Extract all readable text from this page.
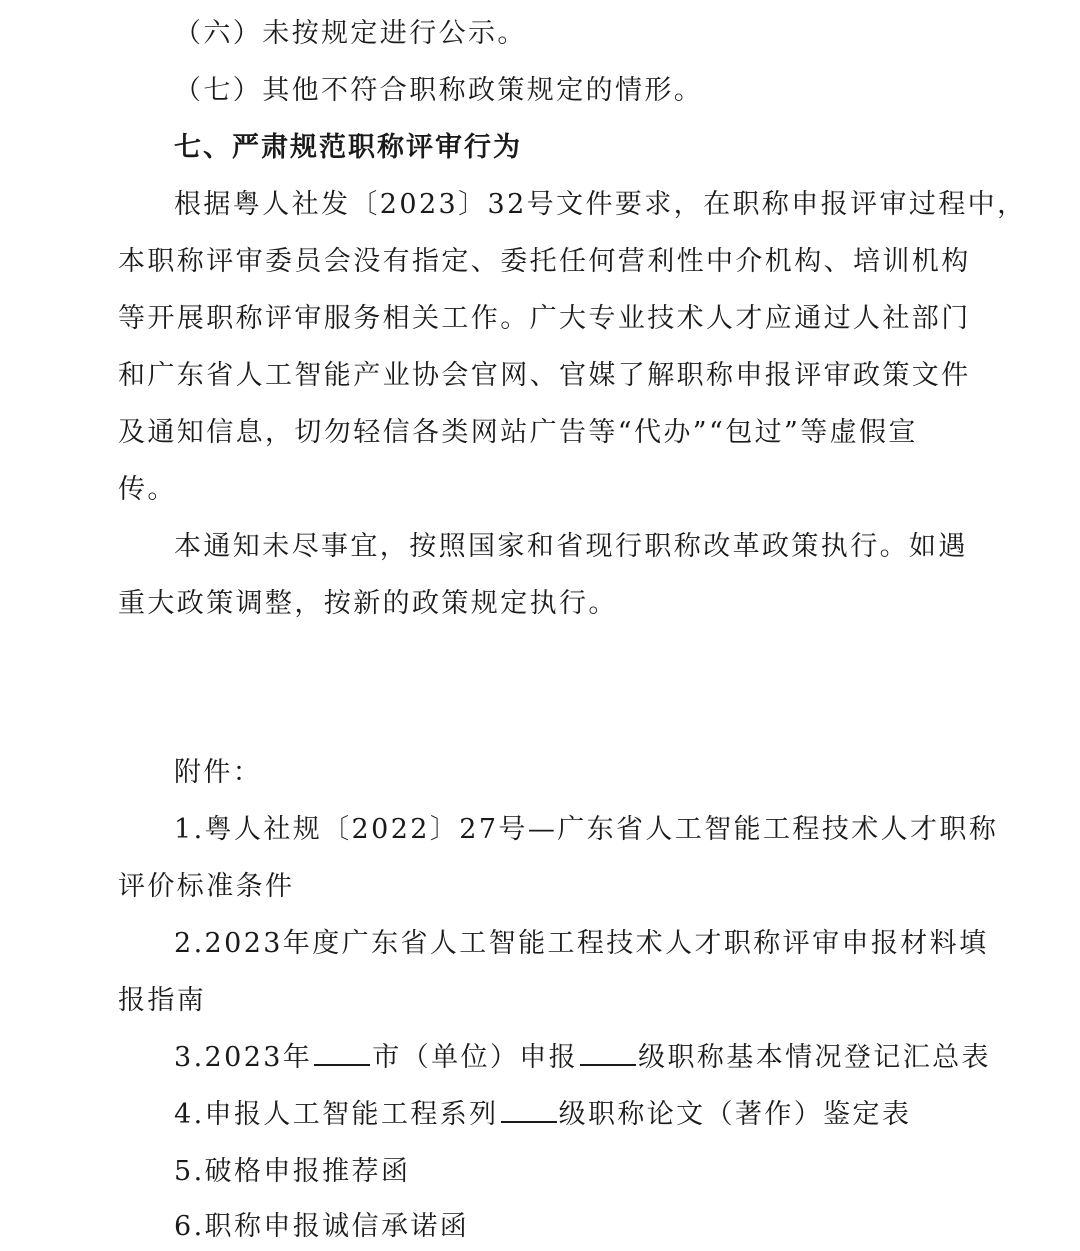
（六）未按规定进行公示。
（七）其他不符合职称政策规定的情形。
七、严肃规范职称评审行为
根据粤人社发〔2023〕32号文件要求，在职称申报评审过程中，
本职称评审委员会没有指定、委托任何营利性中介机构、培训机构
等开展职称评审服务相关工作。广大专业技术人才应通过人社部门
和广东省人工智能产业协会官网、官媒了解职称申报评审政策文件
及通知信息，切勿轻信各类网站广告等“代办”“包过”等虚假宣
传。
本通知未尽事宜，按照国家和省现行职称改革政策执行。如遇
重大政策调整，按新的政策规定执行。
附件：
1.粤人社规〔2022〕27号—广东省人工智能工程技术人才职称
评价标准条件
2.2023年度广东省人工智能工程技术人才职称评审申报材料填
报指南
3.2023年 市（单位）申报 级职称基本情况登记汇总表
4.申报人工智能工程系列 级职称论文（著作）鉴定表
5.破格申报推荐函
6.职称申报诚信承诺函
